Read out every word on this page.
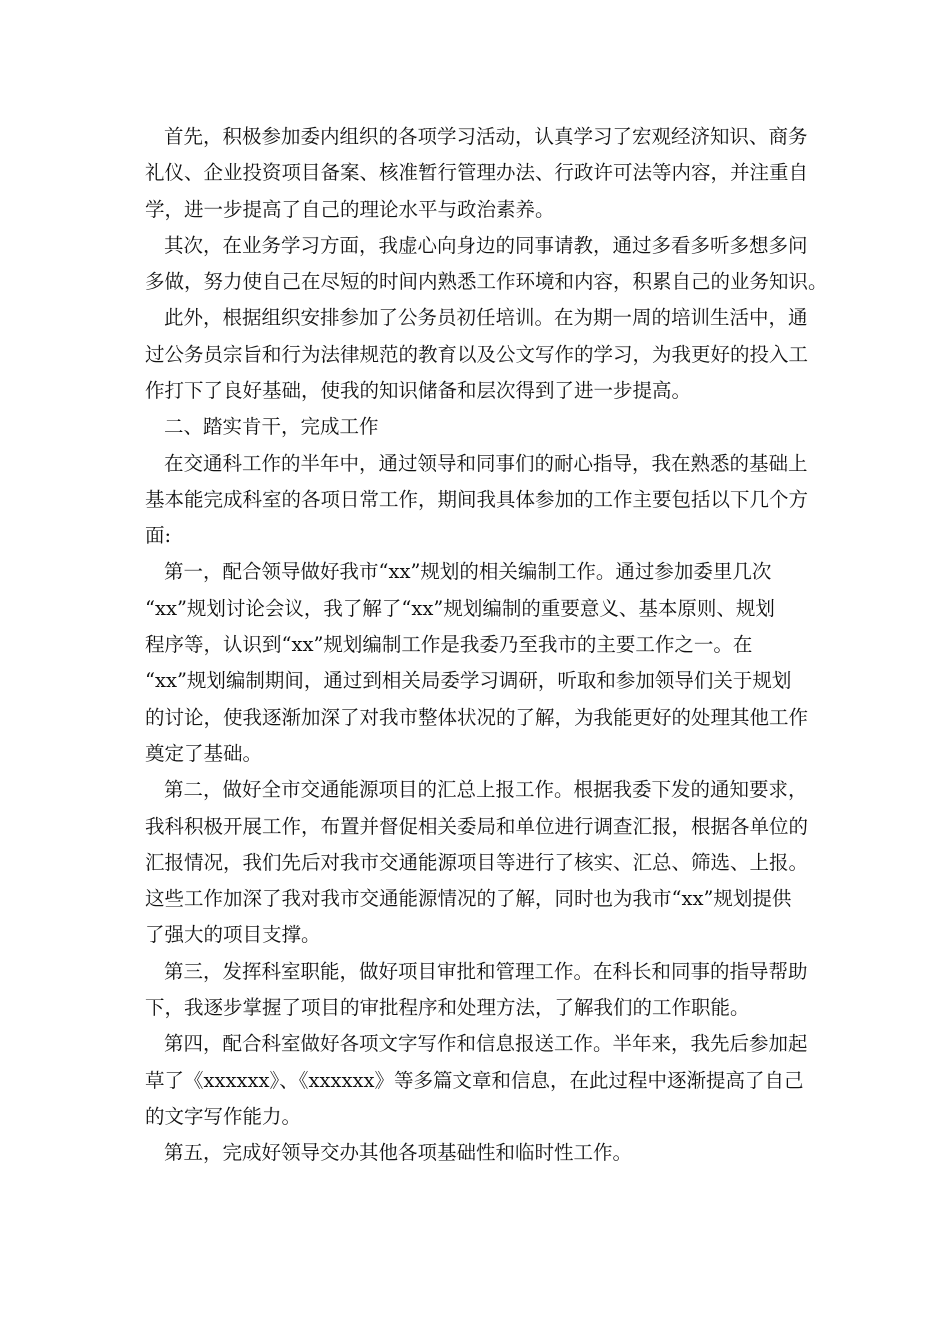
首先，积极参加委内组织的各项学习活动，认真学习了宏观经济知识、商务
礼仪、企业投资项目备案、核准暂行管理办法、行政许可法等内容，并注重自
学，进一步提高了自己的理论水平与政治素养。
其次，在业务学习方面，我虚心向身边的同事请教，通过多看多听多想多问
多做，努力使自己在尽短的时间内熟悉工作环境和内容，积累自己的业务知识。
此外，根据组织安排参加了公务员初任培训。在为期一周的培训生活中，通
过公务员宗旨和行为法律规范的教育以及公文写作的学习，为我更好的投入工
作打下了良好基础，使我的知识储备和层次得到了进一步提高。
二、踏实肯干，完成工作
在交通科工作的半年中，通过领导和同事们的耐心指导，我在熟悉的基础上
基本能完成科室的各项日常工作，期间我具体参加的工作主要包括以下几个方
面:
第一，配合领导做好我市“xx”规划的相关编制工作。通过参加委里几次
“xx”规划讨论会议，我了解了“xx”规划编制的重要意义、基本原则、规划
程序等，认识到“xx”规划编制工作是我委乃至我市的主要工作之一。在
“xx”规划编制期间，通过到相关局委学习调研，听取和参加领导们关于规划
的讨论，使我逐渐加深了对我市整体状况的了解，为我能更好的处理其他工作
奠定了基础。
第二，做好全市交通能源项目的汇总上报工作。根据我委下发的通知要求，
我科积极开展工作，布置并督促相关委局和单位进行调查汇报，根据各单位的
汇报情况，我们先后对我市交通能源项目等进行了核实、汇总、筛选、上报。
这些工作加深了我对我市交通能源情况的了解，同时也为我市“xx”规划提供
了强大的项目支撑。
第三，发挥科室职能，做好项目审批和管理工作。在科长和同事的指导帮助
下，我逐步掌握了项目的审批程序和处理方法，了解我们的工作职能。
第四，配合科室做好各项文字写作和信息报送工作。半年来，我先后参加起
草了《xxxxxx》、《xxxxxx》等多篇文章和信息，在此过程中逐渐提高了自己
的文字写作能力。
第五，完成好领导交办其他各项基础性和临时性工作。
